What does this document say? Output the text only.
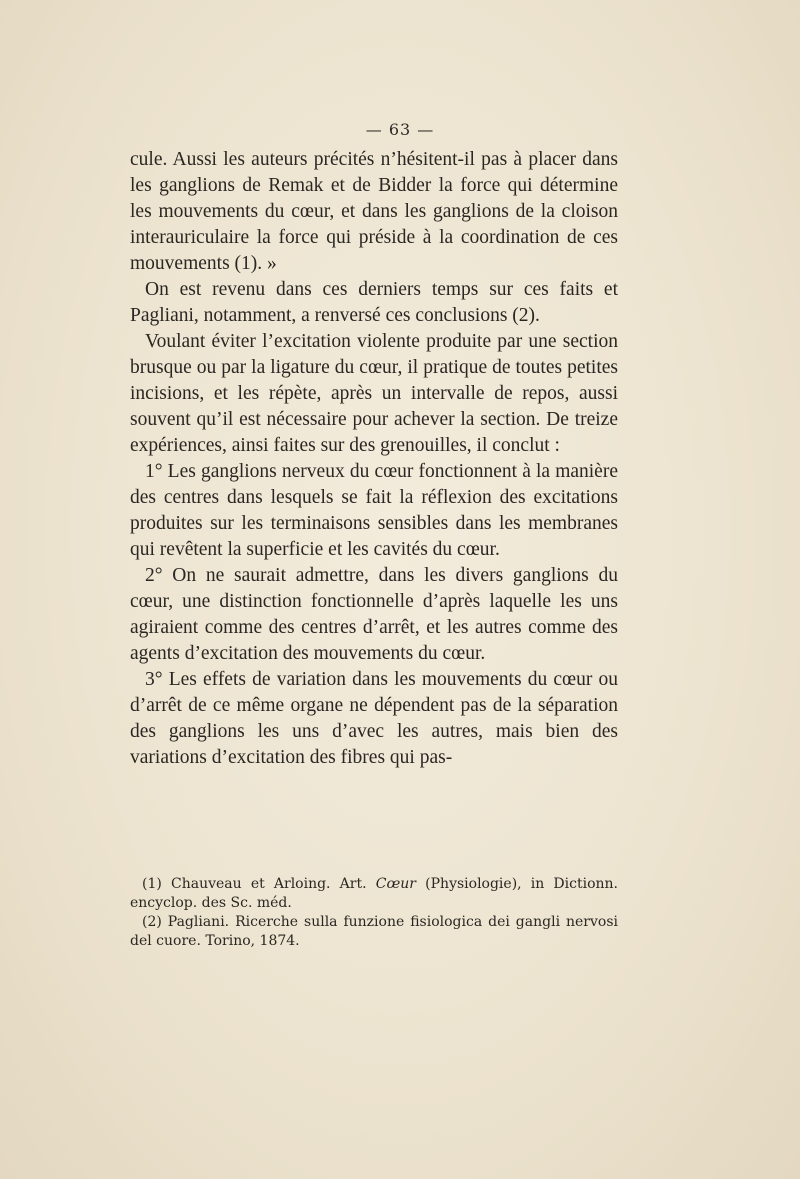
— 63 —

cule. Aussi les auteurs précités n’hésitent-il pas à placer dans les ganglions de Remak et de Bidder la force qui détermine les mouvements du cœur, et dans les ganglions de la cloison interauriculaire la force qui préside à la coordination de ces mouvements (1). »

On est revenu dans ces derniers temps sur ces faits et Pagliani, notamment, a renversé ces conclusions (2).

Voulant éviter l’excitation violente produite par une section brusque ou par la ligature du cœur, il pratique de toutes petites incisions, et les répète, après un intervalle de repos, aussi souvent qu’il est nécessaire pour achever la section. De treize expériences, ainsi faites sur des grenouilles, il conclut :

1° Les ganglions nerveux du cœur fonctionnent à la manière des centres dans lesquels se fait la réflexion des excitations produites sur les terminaisons sensibles dans les membranes qui revêtent la superficie et les cavités du cœur.

2° On ne saurait admettre, dans les divers ganglions du cœur, une distinction fonctionnelle d’après laquelle les uns agiraient comme des centres d’arrêt, et les autres comme des agents d’excitation des mouvements du cœur.

3° Les effets de variation dans les mouvements du cœur ou d’arrêt de ce même organe ne dépendent pas de la séparation des ganglions les uns d’avec les autres, mais bien des variations d’excitation des fibres qui pas-

(1) Chauveau et Arloing. Art. Cœur (Physiologie), in Dictionn. encyclop. des Sc. méd.

(2) Pagliani. Ricerche sulla funzione fisiologica dei gangli nervosi del cuore. Torino, 1874.
